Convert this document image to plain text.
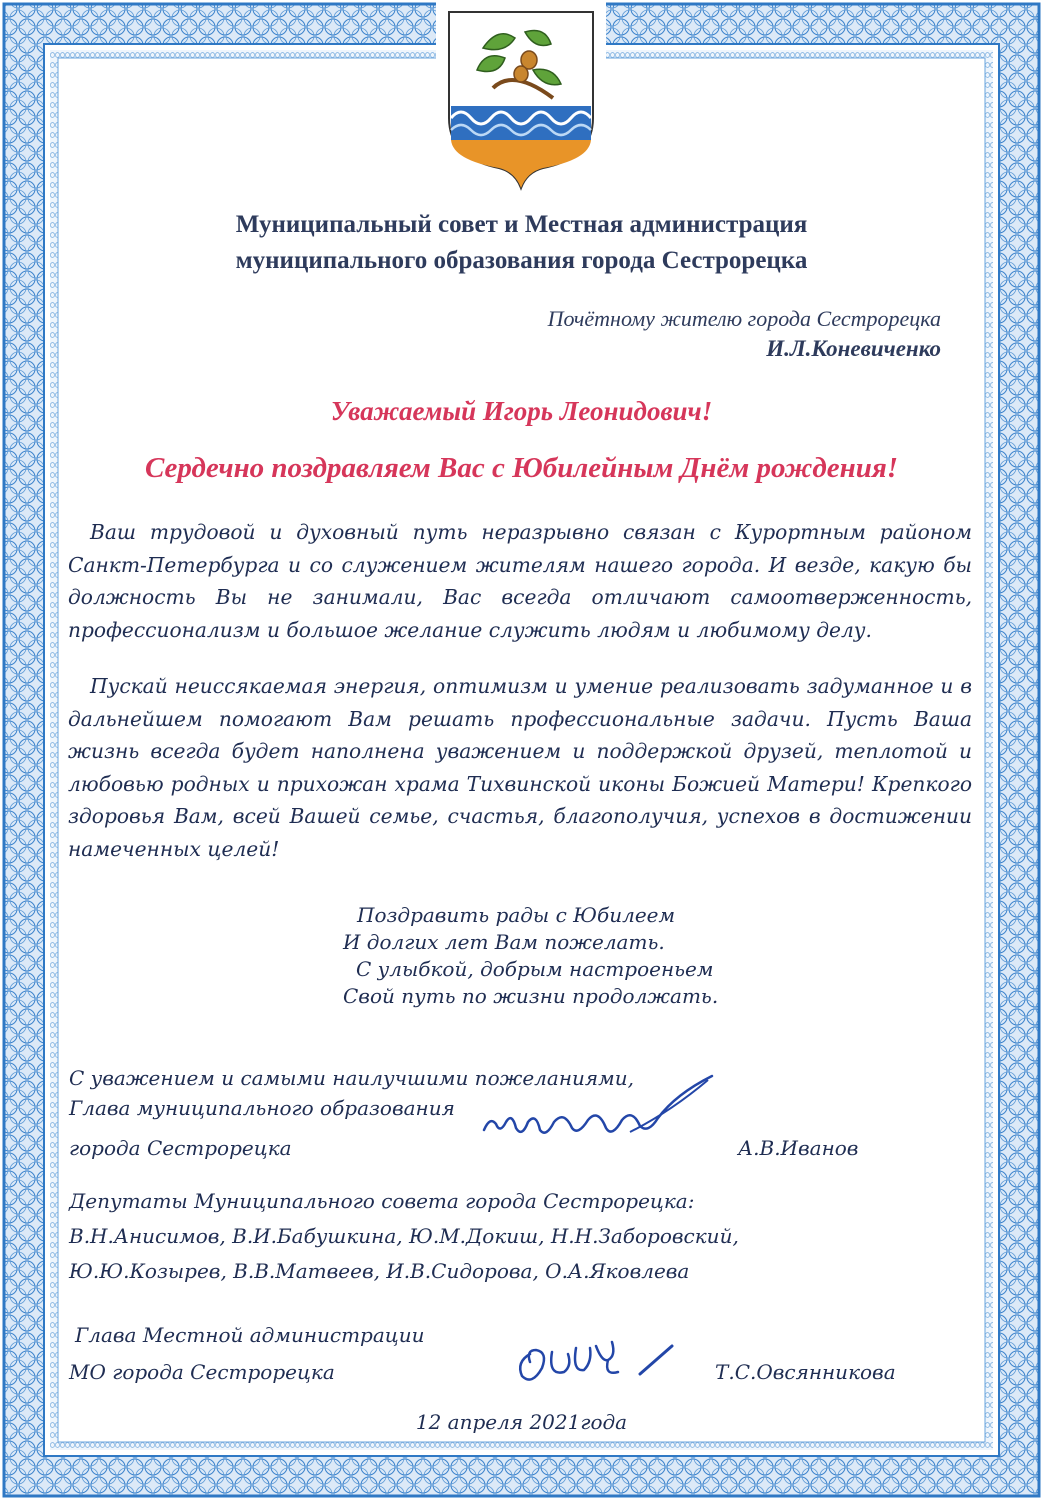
Муниципальный совет и Местная администрация
муниципального образования города Сестрорецка
Почётному жителю города Сестрорецка
И.Л.Коневиченко
Уважаемый Игорь Леонидович!
Сердечно поздравляем Вас с Юбилейным Днём рождения!
Ваш трудовой и духовный путь неразрывно связан с Курортным районом Санкт-Петербурга и со служением жителям нашего города. И везде, какую бы должность Вы не занимали, Вас всегда отличают самоотверженность, профессионализм и большое желание служить людям и любимому делу.
Пускай неиссякаемая энергия, оптимизм и умение реализовать задуманное и в дальнейшем помогают Вам решать профессиональные задачи. Пусть Ваша жизнь всегда будет наполнена уважением и поддержкой друзей, теплотой и любовью родных и прихожан храма Тихвинской иконы Божией Матери! Крепкого здоровья Вам, всей Вашей семье, счастья, благополучия, успехов в достижении намеченных целей!
Поздравить рады с Юбилеем
И долгих лет Вам пожелать.
С улыбкой, добрым настроеньем
Свой путь по жизни продолжать.
С уважением и самыми наилучшими пожеланиями,
Глава муниципального образования
города Сестрорецка	А.В.Иванов
Депутаты Муниципального совета города Сестрорецка:
В.Н.Анисимов, В.И.Бабушкина, Ю.М.Докиш, Н.Н.Заборовский,
Ю.Ю.Козырев, В.В.Матвеев, И.В.Сидорова, О.А.Яковлева
Глава Местной администрации
МО города Сестрорецка	Т.С.Овсянникова
12 апреля 2021года
